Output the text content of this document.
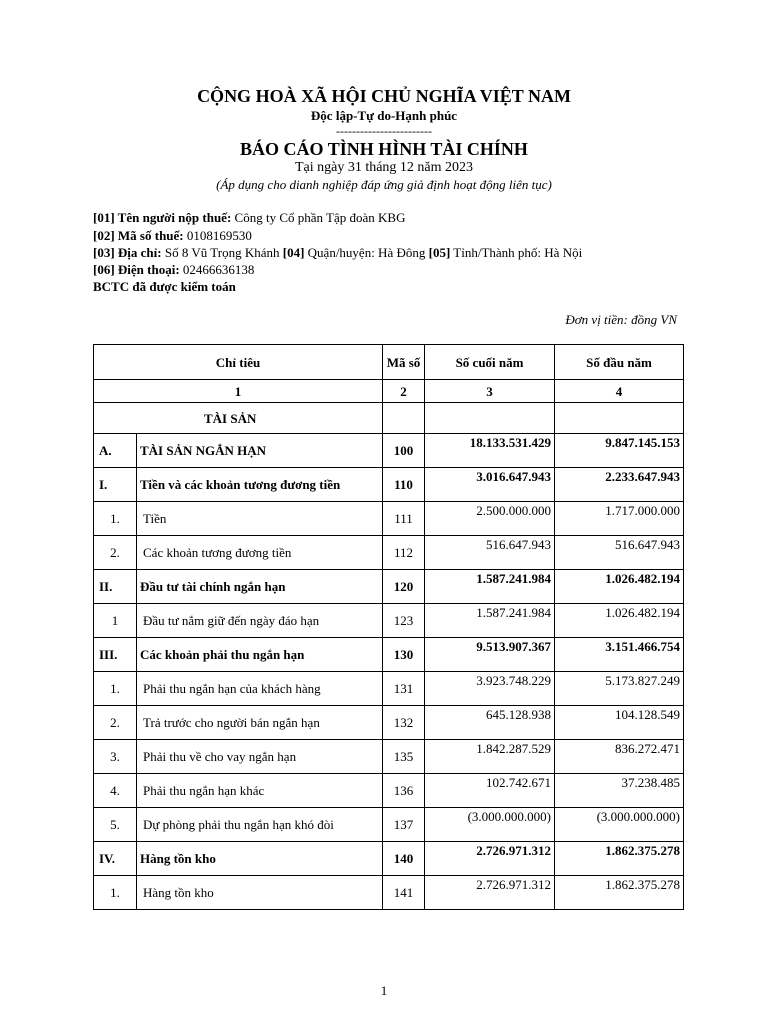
CỘNG HOÀ XÃ HỘI CHỦ NGHĨA VIỆT NAM
Độc lập-Tự do-Hạnh phúc
------------------------
BÁO CÁO TÌNH HÌNH TÀI CHÍNH
Tại ngày 31 tháng 12 năm 2023
(Áp dụng cho dianh nghiệp đáp ứng giả định hoạt động liên tục)
[01] Tên người nộp thuế: Công ty Cổ phần Tập đoàn KBG
[02] Mã số thuế: 0108169530
[03] Địa chỉ: Số 8 Vũ Trọng Khánh [04] Quận/huyện: Hà Đông [05] Tỉnh/Thành phố: Hà Nội
[06] Điện thoại: 02466636138
BCTC đã được kiểm toán
Đơn vị tiền: đồng VN
Chỉ tiêu		Mã số	Số cuối năm	Số đầu năm
1		2	3	4
TÀI SẢN				
A.	TÀI SẢN NGẮN HẠN	100	18.133.531.429	9.847.145.153
I.	Tiền và các khoản tương đương tiền	110	3.016.647.943	2.233.647.943
1.	Tiền	111	2.500.000.000	1.717.000.000
2.	Các khoản tương đương tiền	112	516.647.943	516.647.943
II.	Đầu tư tài chính ngắn hạn	120	1.587.241.984	1.026.482.194
1	Đầu tư nắm giữ đến ngày đáo hạn	123	1.587.241.984	1.026.482.194
III.	Các khoản phải thu ngắn hạn	130	9.513.907.367	3.151.466.754
1.	Phải thu ngắn hạn của khách hàng	131	3.923.748.229	5.173.827.249
2.	Trả trước cho người bán ngắn hạn	132	645.128.938	104.128.549
3.	Phải thu về cho vay ngắn hạn	135	1.842.287.529	836.272.471
4.	Phải thu ngắn hạn khác	136	102.742.671	37.238.485
5.	Dự phòng phải thu ngắn hạn khó đòi	137	(3.000.000.000)	(3.000.000.000)
IV.	Hàng tồn kho	140	2.726.971.312	1.862.375.278
1.	Hàng tồn kho	141	2.726.971.312	1.862.375.278
1
